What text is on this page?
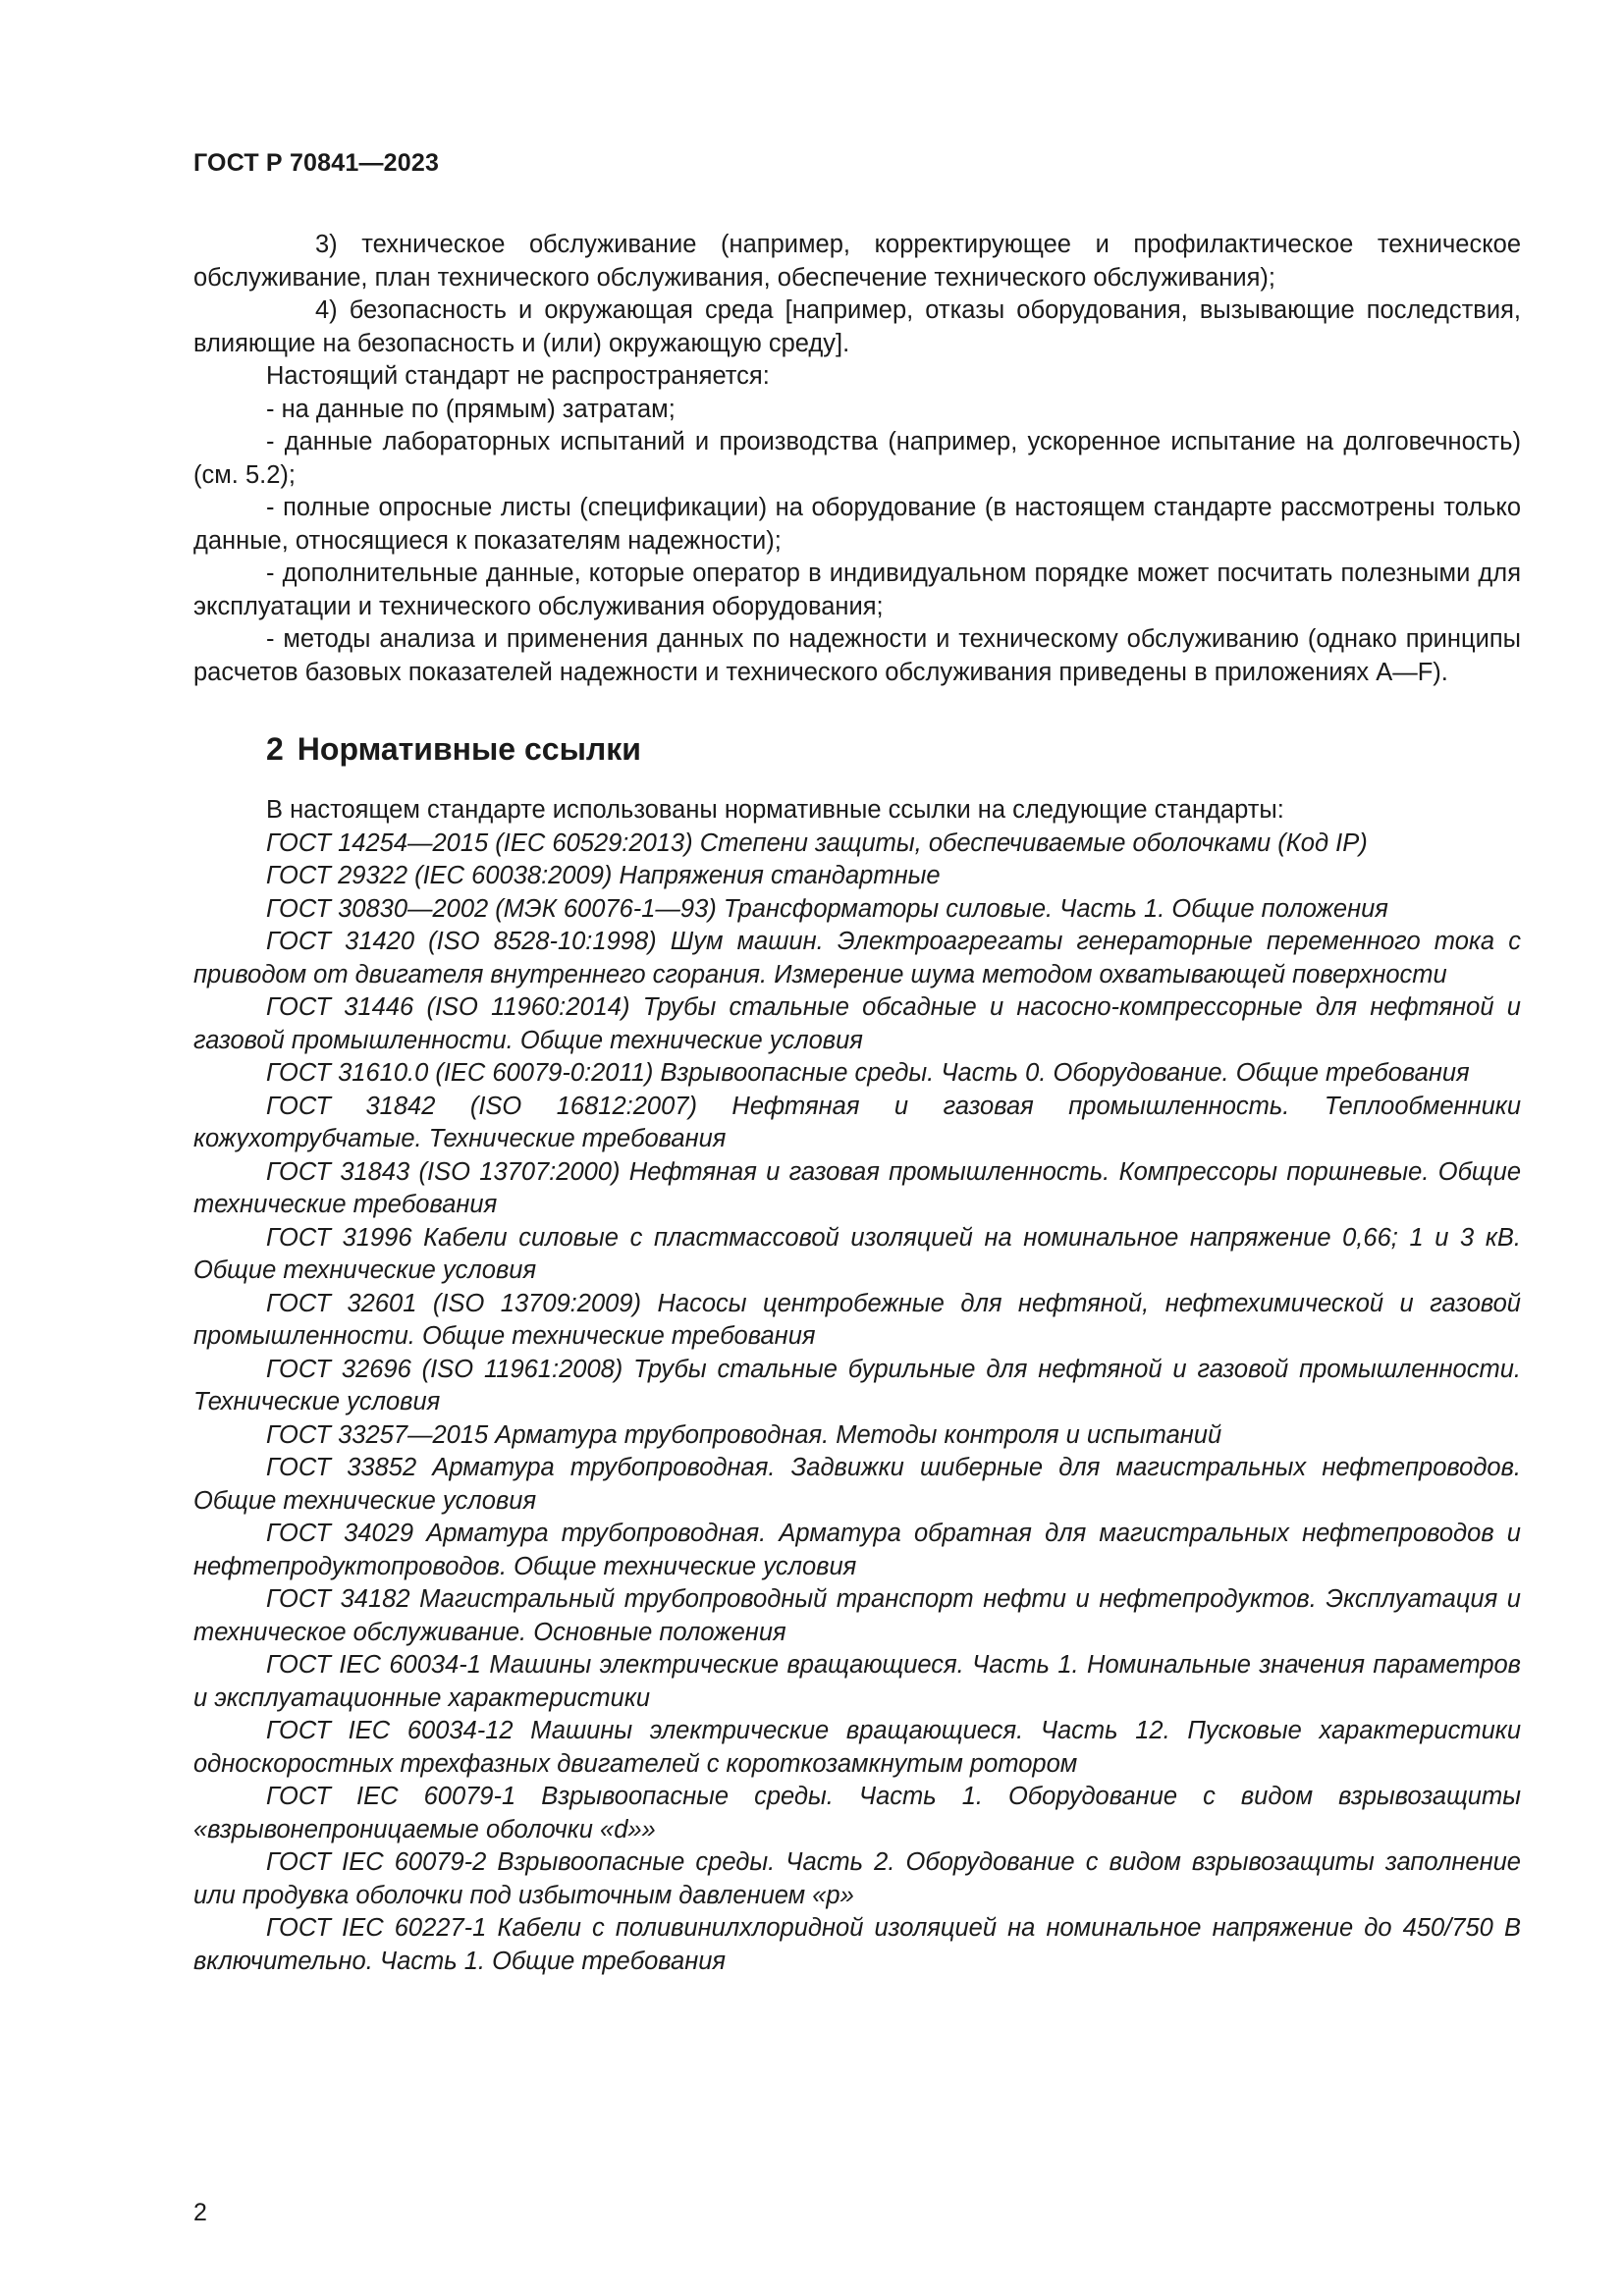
ГОСТ Р 70841—2023

3) техническое обслуживание (например, корректирующее и профилактическое техническое обслуживание, план технического обслуживания, обеспечение технического обслуживания);

4) безопасность и окружающая среда [например, отказы оборудования, вызывающие последствия, влияющие на безопасность и (или) окружающую среду].

Настоящий стандарт не распространяется:

- на данные по (прямым) затратам;

- данные лабораторных испытаний и производства (например, ускоренное испытание на долговечность) (см. 5.2);

- полные опросные листы (спецификации) на оборудование (в настоящем стандарте рассмотрены только данные, относящиеся к показателям надежности);

- дополнительные данные, которые оператор в индивидуальном порядке может посчитать полезными для эксплуатации и технического обслуживания оборудования;

- методы анализа и применения данных по надежности и техническому обслуживанию (однако принципы расчетов базовых показателей надежности и технического обслуживания приведены в приложениях A—F).

2 Нормативные ссылки

В настоящем стандарте использованы нормативные ссылки на следующие стандарты:

ГОСТ 14254—2015 (IEC 60529:2013) Степени защиты, обеспечиваемые оболочками (Код IP)

ГОСТ 29322 (IEC 60038:2009) Напряжения стандартные

ГОСТ 30830—2002 (МЭК 60076-1—93) Трансформаторы силовые. Часть 1. Общие положения

ГОСТ 31420 (ISO 8528-10:1998) Шум машин. Электроагрегаты генераторные переменного тока с приводом от двигателя внутреннего сгорания. Измерение шума методом охватывающей поверхности

ГОСТ 31446 (ISO 11960:2014) Трубы стальные обсадные и насосно-компрессорные для нефтяной и газовой промышленности. Общие технические условия

ГОСТ 31610.0 (IEC 60079-0:2011) Взрывоопасные среды. Часть 0. Оборудование. Общие требования

ГОСТ 31842 (ISO 16812:2007) Нефтяная и газовая промышленность. Теплообменники кожухотрубчатые. Технические требования

ГОСТ 31843 (ISO 13707:2000) Нефтяная и газовая промышленность. Компрессоры поршневые. Общие технические требования

ГОСТ 31996 Кабели силовые с пластмассовой изоляцией на номинальное напряжение 0,66; 1 и 3 кВ. Общие технические условия

ГОСТ 32601 (ISO 13709:2009) Насосы центробежные для нефтяной, нефтехимической и газовой промышленности. Общие технические требования

ГОСТ 32696 (ISO 11961:2008) Трубы стальные бурильные для нефтяной и газовой промышленности. Технические условия

ГОСТ 33257—2015 Арматура трубопроводная. Методы контроля и испытаний

ГОСТ 33852 Арматура трубопроводная. Задвижки шиберные для магистральных нефтепроводов. Общие технические условия

ГОСТ 34029 Арматура трубопроводная. Арматура обратная для магистральных нефтепроводов и нефтепродуктопроводов. Общие технические условия

ГОСТ 34182 Магистральный трубопроводный транспорт нефти и нефтепродуктов. Эксплуатация и техническое обслуживание. Основные положения

ГОСТ IEC 60034-1 Машины электрические вращающиеся. Часть 1. Номинальные значения параметров и эксплуатационные характеристики

ГОСТ IEC 60034-12 Машины электрические вращающиеся. Часть 12. Пусковые характеристики односкоростных трехфазных двигателей с короткозамкнутым ротором

ГОСТ IEC 60079-1 Взрывоопасные среды. Часть 1. Оборудование с видом взрывозащиты «взрывонепроницаемые оболочки «d»»

ГОСТ IEC 60079-2 Взрывоопасные среды. Часть 2. Оборудование с видом взрывозащиты заполнение или продувка оболочки под избыточным давлением «p»

ГОСТ IEC 60227-1 Кабели с поливинилхлоридной изоляцией на номинальное напряжение до 450/750 В включительно. Часть 1. Общие требования

2
